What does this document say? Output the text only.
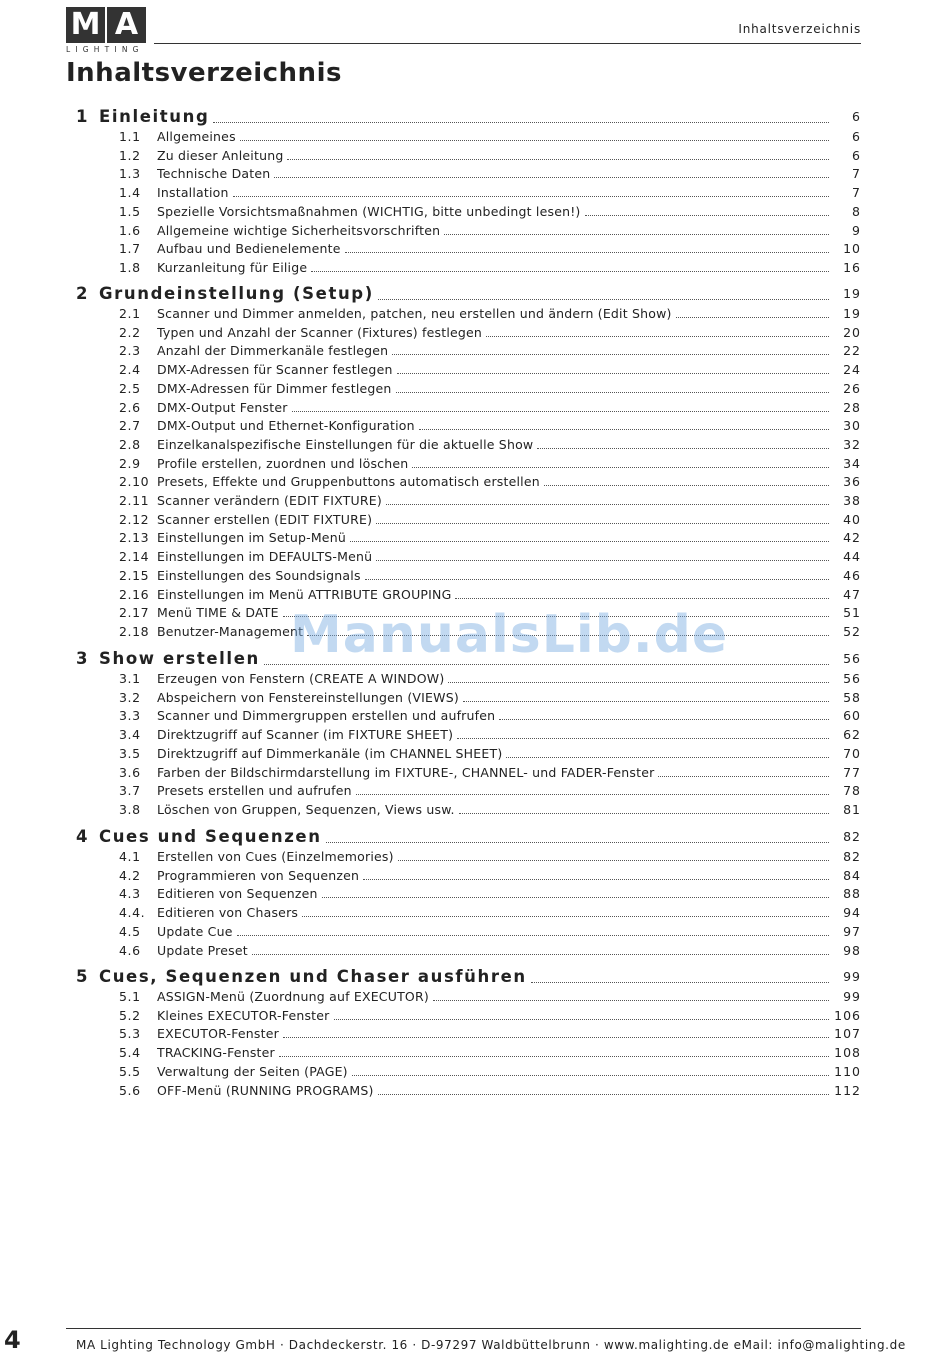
M A
LIGHTING
Inhaltsverzeichnis
Inhaltsverzeichnis
1 Einleitung	6
1.1 Allgemeines	6
1.2 Zu dieser Anleitung	6
1.3 Technische Daten	7
1.4 Installation	7
1.5 Spezielle Vorsichtsmaßnahmen (WICHTIG, bitte unbedingt lesen!)	8
1.6 Allgemeine wichtige Sicherheitsvorschriften	9
1.7 Aufbau und Bedienelemente	10
1.8 Kurzanleitung für Eilige	16
2 Grundeinstellung (Setup)	19
2.1 Scanner und Dimmer anmelden, patchen, neu erstellen und ändern (Edit Show)	19
2.2 Typen und Anzahl der Scanner (Fixtures) festlegen	20
2.3 Anzahl der Dimmerkanäle festlegen	22
2.4 DMX-Adressen für Scanner festlegen	24
2.5 DMX-Adressen für Dimmer festlegen	26
2.6 DMX-Output Fenster	28
2.7 DMX-Output und Ethernet-Konfiguration	30
2.8 Einzelkanalspezifische Einstellungen für die aktuelle Show	32
2.9 Profile erstellen, zuordnen und löschen	34
2.10 Presets, Effekte und Gruppenbuttons automatisch erstellen	36
2.11 Scanner verändern (EDIT FIXTURE)	38
2.12 Scanner erstellen (EDIT FIXTURE)	40
2.13 Einstellungen im Setup-Menü	42
2.14 Einstellungen im DEFAULTS-Menü	44
2.15 Einstellungen des Soundsignals	46
2.16 Einstellungen im Menü ATTRIBUTE GROUPING	47
2.17 Menü TIME & DATE	51
2.18 Benutzer-Management	52
3 Show erstellen	56
3.1 Erzeugen von Fenstern (CREATE A WINDOW)	56
3.2 Abspeichern von Fenstereinstellungen (VIEWS)	58
3.3 Scanner und Dimmergruppen erstellen und aufrufen	60
3.4 Direktzugriff auf Scanner (im FIXTURE SHEET)	62
3.5 Direktzugriff auf Dimmerkanäle (im CHANNEL SHEET)	70
3.6 Farben der Bildschirmdarstellung im FIXTURE-, CHANNEL- und FADER-Fenster	77
3.7 Presets erstellen und aufrufen	78
3.8 Löschen von Gruppen, Sequenzen, Views usw.	81
4 Cues und Sequenzen	82
4.1 Erstellen von Cues (Einzelmemories)	82
4.2 Programmieren von Sequenzen	84
4.3 Editieren von Sequenzen	88
4.4. Editieren von Chasers	94
4.5 Update Cue	97
4.6 Update Preset	98
5 Cues, Sequenzen und Chaser ausführen	99
5.1 ASSIGN-Menü (Zuordnung auf EXECUTOR)	99
5.2 Kleines EXECUTOR-Fenster	106
5.3 EXECUTOR-Fenster	107
5.4 TRACKING-Fenster	108
5.5 Verwaltung der Seiten (PAGE)	110
5.6 OFF-Menü (RUNNING PROGRAMS)	112
ManualsLib.de
4	MA Lighting Technology GmbH · Dachdeckerstr. 16 · D-97297 Waldbüttelbrunn · www.malighting.de eMail: info@malighting.de
